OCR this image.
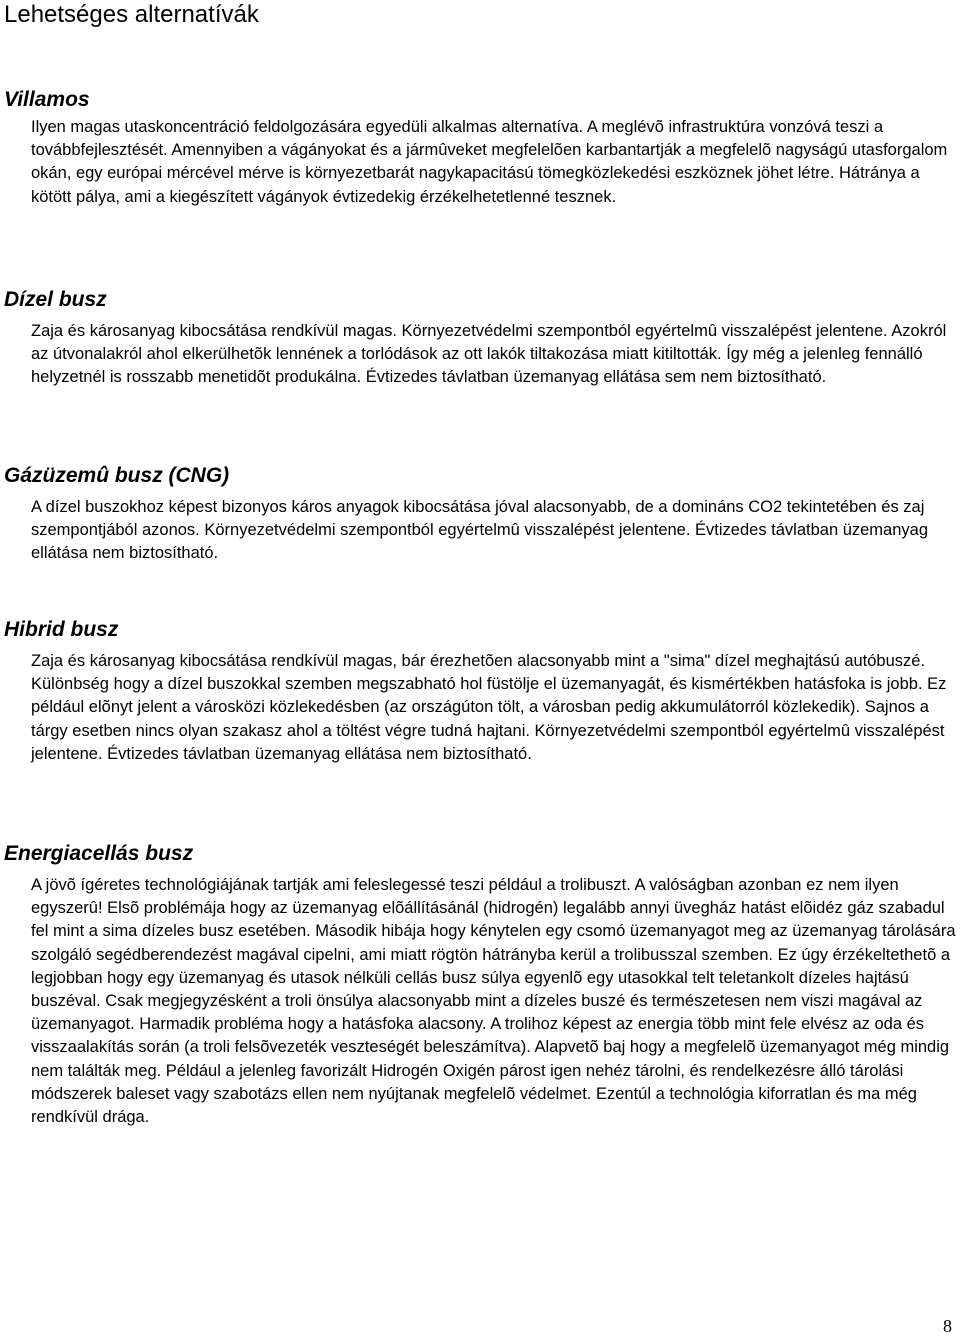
Lehetséges alternatívák
Villamos

Ilyen magas utaskoncentráció feldolgozására egyedüli alkalmas alternatíva. A meglévõ infrastruktúra vonzóvá teszi a továbbfejlesztését. Amennyiben a vágányokat és a jármûveket megfelelõen karbantartják a megfelelõ nagyságú utasforgalom okán, egy európai mércével mérve is környezetbarát nagykapacitású tömegközlekedési eszköznek jöhet létre. Hátránya a kötött pálya, ami a kiegészített vágányok évtizedekig érzékelhetetlenné tesznek.

Dízel busz

Zaja és károsanyag kibocsátása rendkívül magas. Környezetvédelmi szempontból egyértelmû visszalépést jelentene. Azokról az útvonalakról ahol elkerülhetõk lennének a torlódások az ott lakók tiltakozása miatt kitiltották. Így még a jelenleg fennálló helyzetnél is rosszabb menetidõt produkálna. Évtizedes távlatban üzemanyag ellátása sem nem biztosítható.

Gázüzemû busz (CNG)

A dízel buszokhoz képest bizonyos káros anyagok kibocsátása jóval alacsonyabb, de a domináns CO2 tekintetében és zaj szempontjából azonos. Környezetvédelmi szempontból egyértelmû visszalépést jelentene. Évtizedes távlatban üzemanyag ellátása nem biztosítható.

Hibrid busz

Zaja és károsanyag kibocsátása rendkívül magas, bár érezhetõen alacsonyabb mint a "sima" dízel meghajtású autóbuszé. Különbség hogy a dízel buszokkal szemben megszabható hol füstölje el üzemanyagát, és kismértékben hatásfoka is jobb. Ez például elõnyt jelent a városközi közlekedésben (az országúton tölt, a városban pedig akkumulátorról közlekedik). Sajnos a tárgy esetben nincs olyan szakasz ahol a töltést végre tudná hajtani. Környezetvédelmi szempontból egyértelmû visszalépést jelentene. Évtizedes távlatban üzemanyag ellátása nem biztosítható.

Energiacellás busz

A jövõ ígéretes technológiájának tartják ami feleslegessé teszi például a trolibuszt. A valóságban azonban ez nem ilyen egyszerû! Elsõ problémája hogy az üzemanyag elõállításánál (hidrogén) legalább annyi üvegház hatást elõidéz gáz szabadul fel mint a sima dízeles busz esetében. Második hibája hogy kénytelen egy csomó üzemanyagot meg az üzemanyag tárolására szolgáló segédberendezést magával cipelni, ami miatt rögtön hátrányba kerül a trolibusszal szemben. Ez úgy érzékeltethetõ a legjobban hogy egy üzemanyag és utasok nélküli cellás busz súlya egyenlõ egy utasokkal telt teletankolt dízeles hajtású buszéval. Csak megjegyzésként a troli önsúlya alacsonyabb mint a dízeles buszé és természetesen nem viszi magával az üzemanyagot. Harmadik probléma hogy a hatásfoka alacsony. A trolihoz képest az energia több mint fele elvész az oda és visszaalakítás során (a troli felsõvezeték veszteségét beleszámítva). Alapvetõ baj hogy a megfelelõ üzemanyagot még mindig nem találták meg. Például a jelenleg favorizált Hidrogén Oxigén párost igen nehéz tárolni, és rendelkezésre álló tárolási módszerek baleset vagy szabotázs ellen nem nyújtanak megfelelõ védelmet. Ezentúl a technológia kiforratlan és ma még rendkívül drága.

8
